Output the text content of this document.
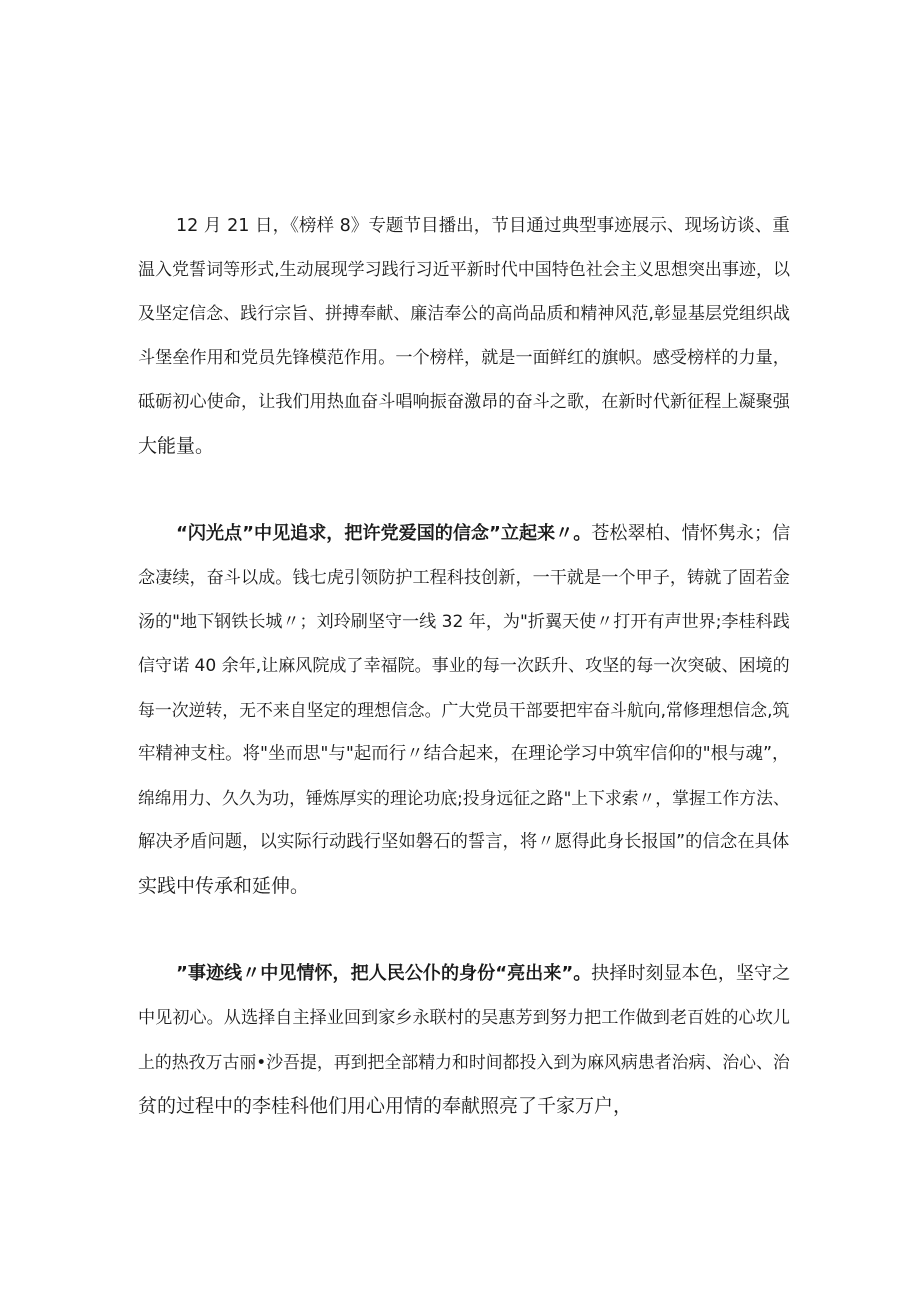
12 月 21 日，《榜样 8》专题节目播出，节目通过典型事迹展示、现场访谈、重

温入党誓词等形式,生动展现学习践行习近平新时代中国特色社会主义思想突出事迹，以

及坚定信念、践行宗旨、拼搏奉献、廉洁奉公的高尚品质和精神风范,彰显基层党组织战

斗堡垒作用和党员先锋模范作用。一个榜样，就是一面鲜红的旗帜。感受榜样的力量，

砥砺初心使命，让我们用热血奋斗唱响振奋激昂的奋斗之歌，在新时代新征程上凝聚强

大能量。

“闪光点”中见追求，把许党爱国的信念”立起来〃。苍松翠柏、情怀隽永；信

念凄续，奋斗以成。钱七虎引领防护工程科技创新，一干就是一个甲子，铸就了固若金

汤的"地下钢铁长城〃；刘玲刷坚守一线 32 年，为"折翼天使〃打开有声世界;李桂科践

信守诺 40 余年,让麻风院成了幸福院。事业的每一次跃升、攻坚的每一次突破、困境的

每一次逆转，无不来自坚定的理想信念。广大党员干部要把牢奋斗航向,常修理想信念,筑

牢精神支柱。将"坐而思"与"起而行〃结合起来，在理论学习中筑牢信仰的"根与魂”，

绵绵用力、久久为功，锤炼厚实的理论功底;投身远征之路"上下求索〃，掌握工作方法、

解决矛盾问题，以实际行动践行坚如磐石的誓言，将〃愿得此身长报国”的信念在具体

实践中传承和延伸。

”事迹线〃中见情怀，把人民公仆的身份“亮出来”。抉择时刻显本色，坚守之

中见初心。从选择自主择业回到家乡永联村的吴惠芳到努力把工作做到老百姓的心坎儿

上的热孜万古丽•沙吾提，再到把全部精力和时间都投入到为麻风病患者治病、治心、治

贫的过程中的李桂科他们用心用情的奉献照亮了千家万户，
